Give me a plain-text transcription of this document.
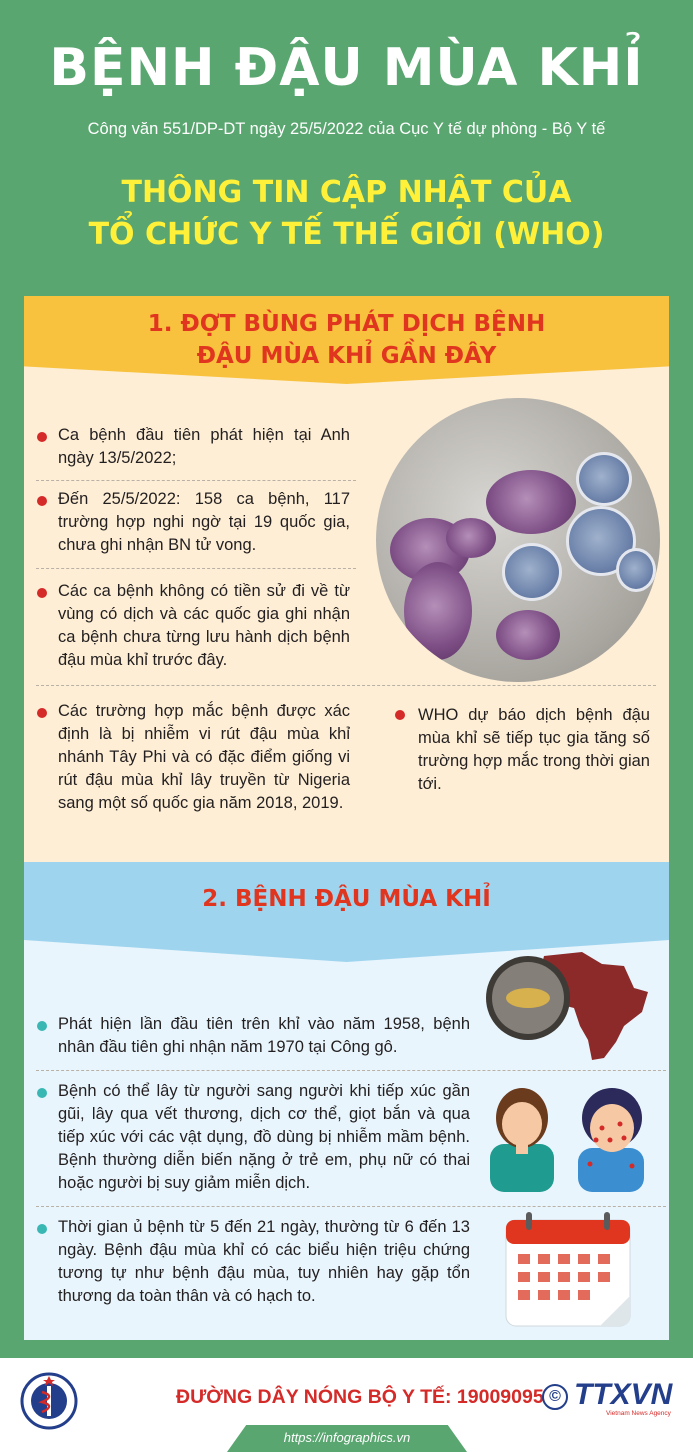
BỆNH ĐẬU MÙA KHỈ
Công văn 551/DP-DT ngày 25/5/2022 của Cục Y tế dự phòng - Bộ Y tế
THÔNG TIN CẬP NHẬT CỦA
TỔ CHỨC Y TẾ THẾ GIỚI (WHO)
1. ĐỢT BÙNG PHÁT DỊCH BỆNH
ĐẬU MÙA KHỈ GẦN ĐÂY
Ca bệnh đầu tiên phát hiện tại Anh ngày 13/5/2022;
Đến 25/5/2022: 158 ca bệnh, 117 trường hợp nghi ngờ tại 19 quốc gia, chưa ghi nhận BN tử vong.
Các ca bệnh không có tiền sử đi về từ vùng có dịch và các quốc gia ghi nhận ca bệnh chưa từng lưu hành dịch bệnh đậu mùa khỉ trước đây.
Các trường hợp mắc bệnh được xác định là bị nhiễm vi rút đậu mùa khỉ nhánh Tây Phi và có đặc điểm giống vi rút đậu mùa khỉ lây truyền từ Nigeria sang một số quốc gia năm 2018, 2019.
WHO dự báo dịch bệnh đậu mùa khỉ sẽ tiếp tục gia tăng số trường hợp mắc trong thời gian tới.
2. BỆNH ĐẬU MÙA KHỈ
Phát hiện lần đầu tiên trên khỉ vào năm 1958, bệnh nhân đầu tiên ghi nhận năm 1970 tại Công gô.
Bệnh có thể lây từ người sang người khi tiếp xúc gần gũi, lây qua vết thương, dịch cơ thể, giọt bắn và qua tiếp xúc với các vật dụng, đồ dùng bị nhiễm mầm bệnh. Bệnh thường diễn biến nặng ở trẻ em, phụ nữ có thai hoặc người bị suy giảm miễn dịch.
Thời gian ủ bệnh từ 5 đến 21 ngày, thường từ 6 đến 13 ngày. Bệnh đậu mùa khỉ có các biểu hiện triệu chứng tương tự như bệnh đậu mùa, tuy nhiên hay gặp tổn thương da toàn thân và có hạch to.
ĐƯỜNG DÂY NÓNG BỘ Y TẾ: 19009095 © TTXVN
Vietnam News Agency
https://infographics.vn
